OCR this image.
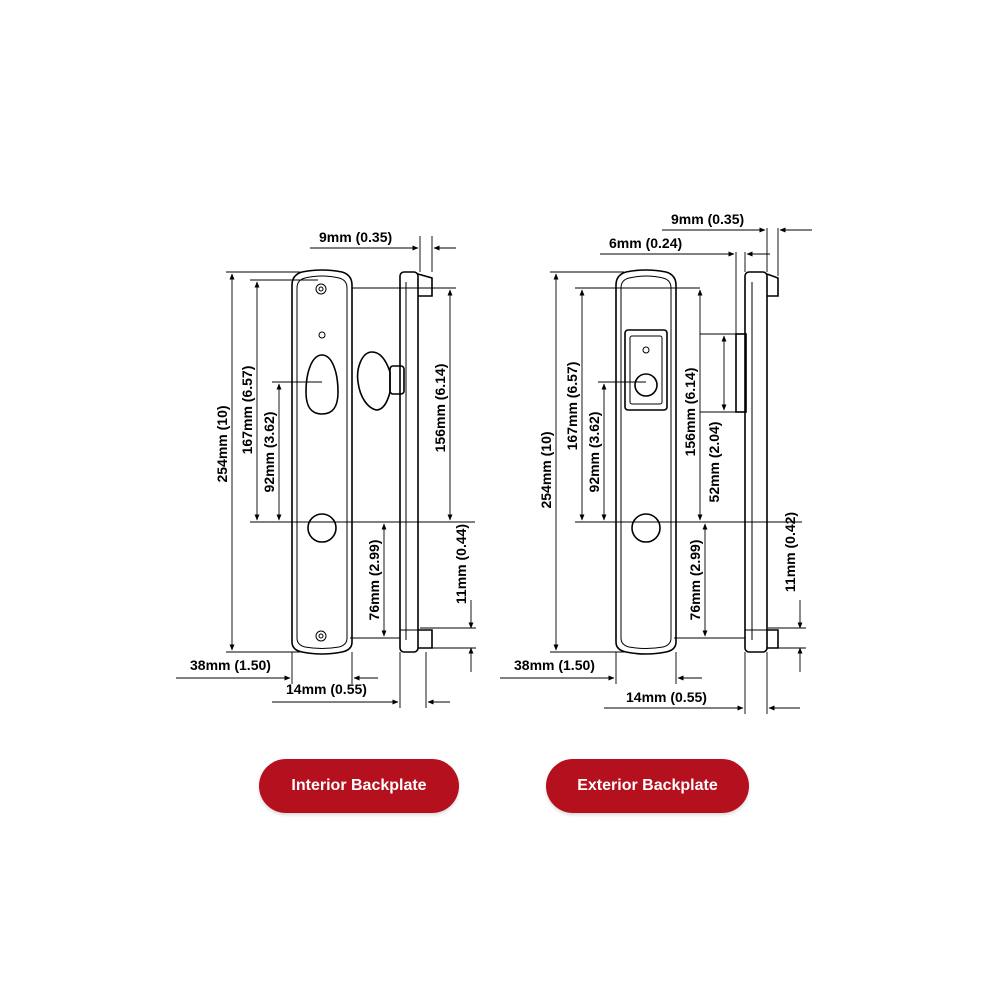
9mm (0.35)
254mm (10) 167mm (6.57) 92mm (3.62)	156mm (6.14)
76mm (2.99)	11mm (0.44)
38mm (1.50)
14mm (0.55)
9mm (0.35)
6mm (0.24)
254mm (10)
167mm (6.57)
92mm (3.62)	156mm (6.14)
52mm (2.04)
76mm (2.99)	11mm (0.42)
38mm (1.50)
14mm (0.55)
Interior Backplate	Exterior Backplate
